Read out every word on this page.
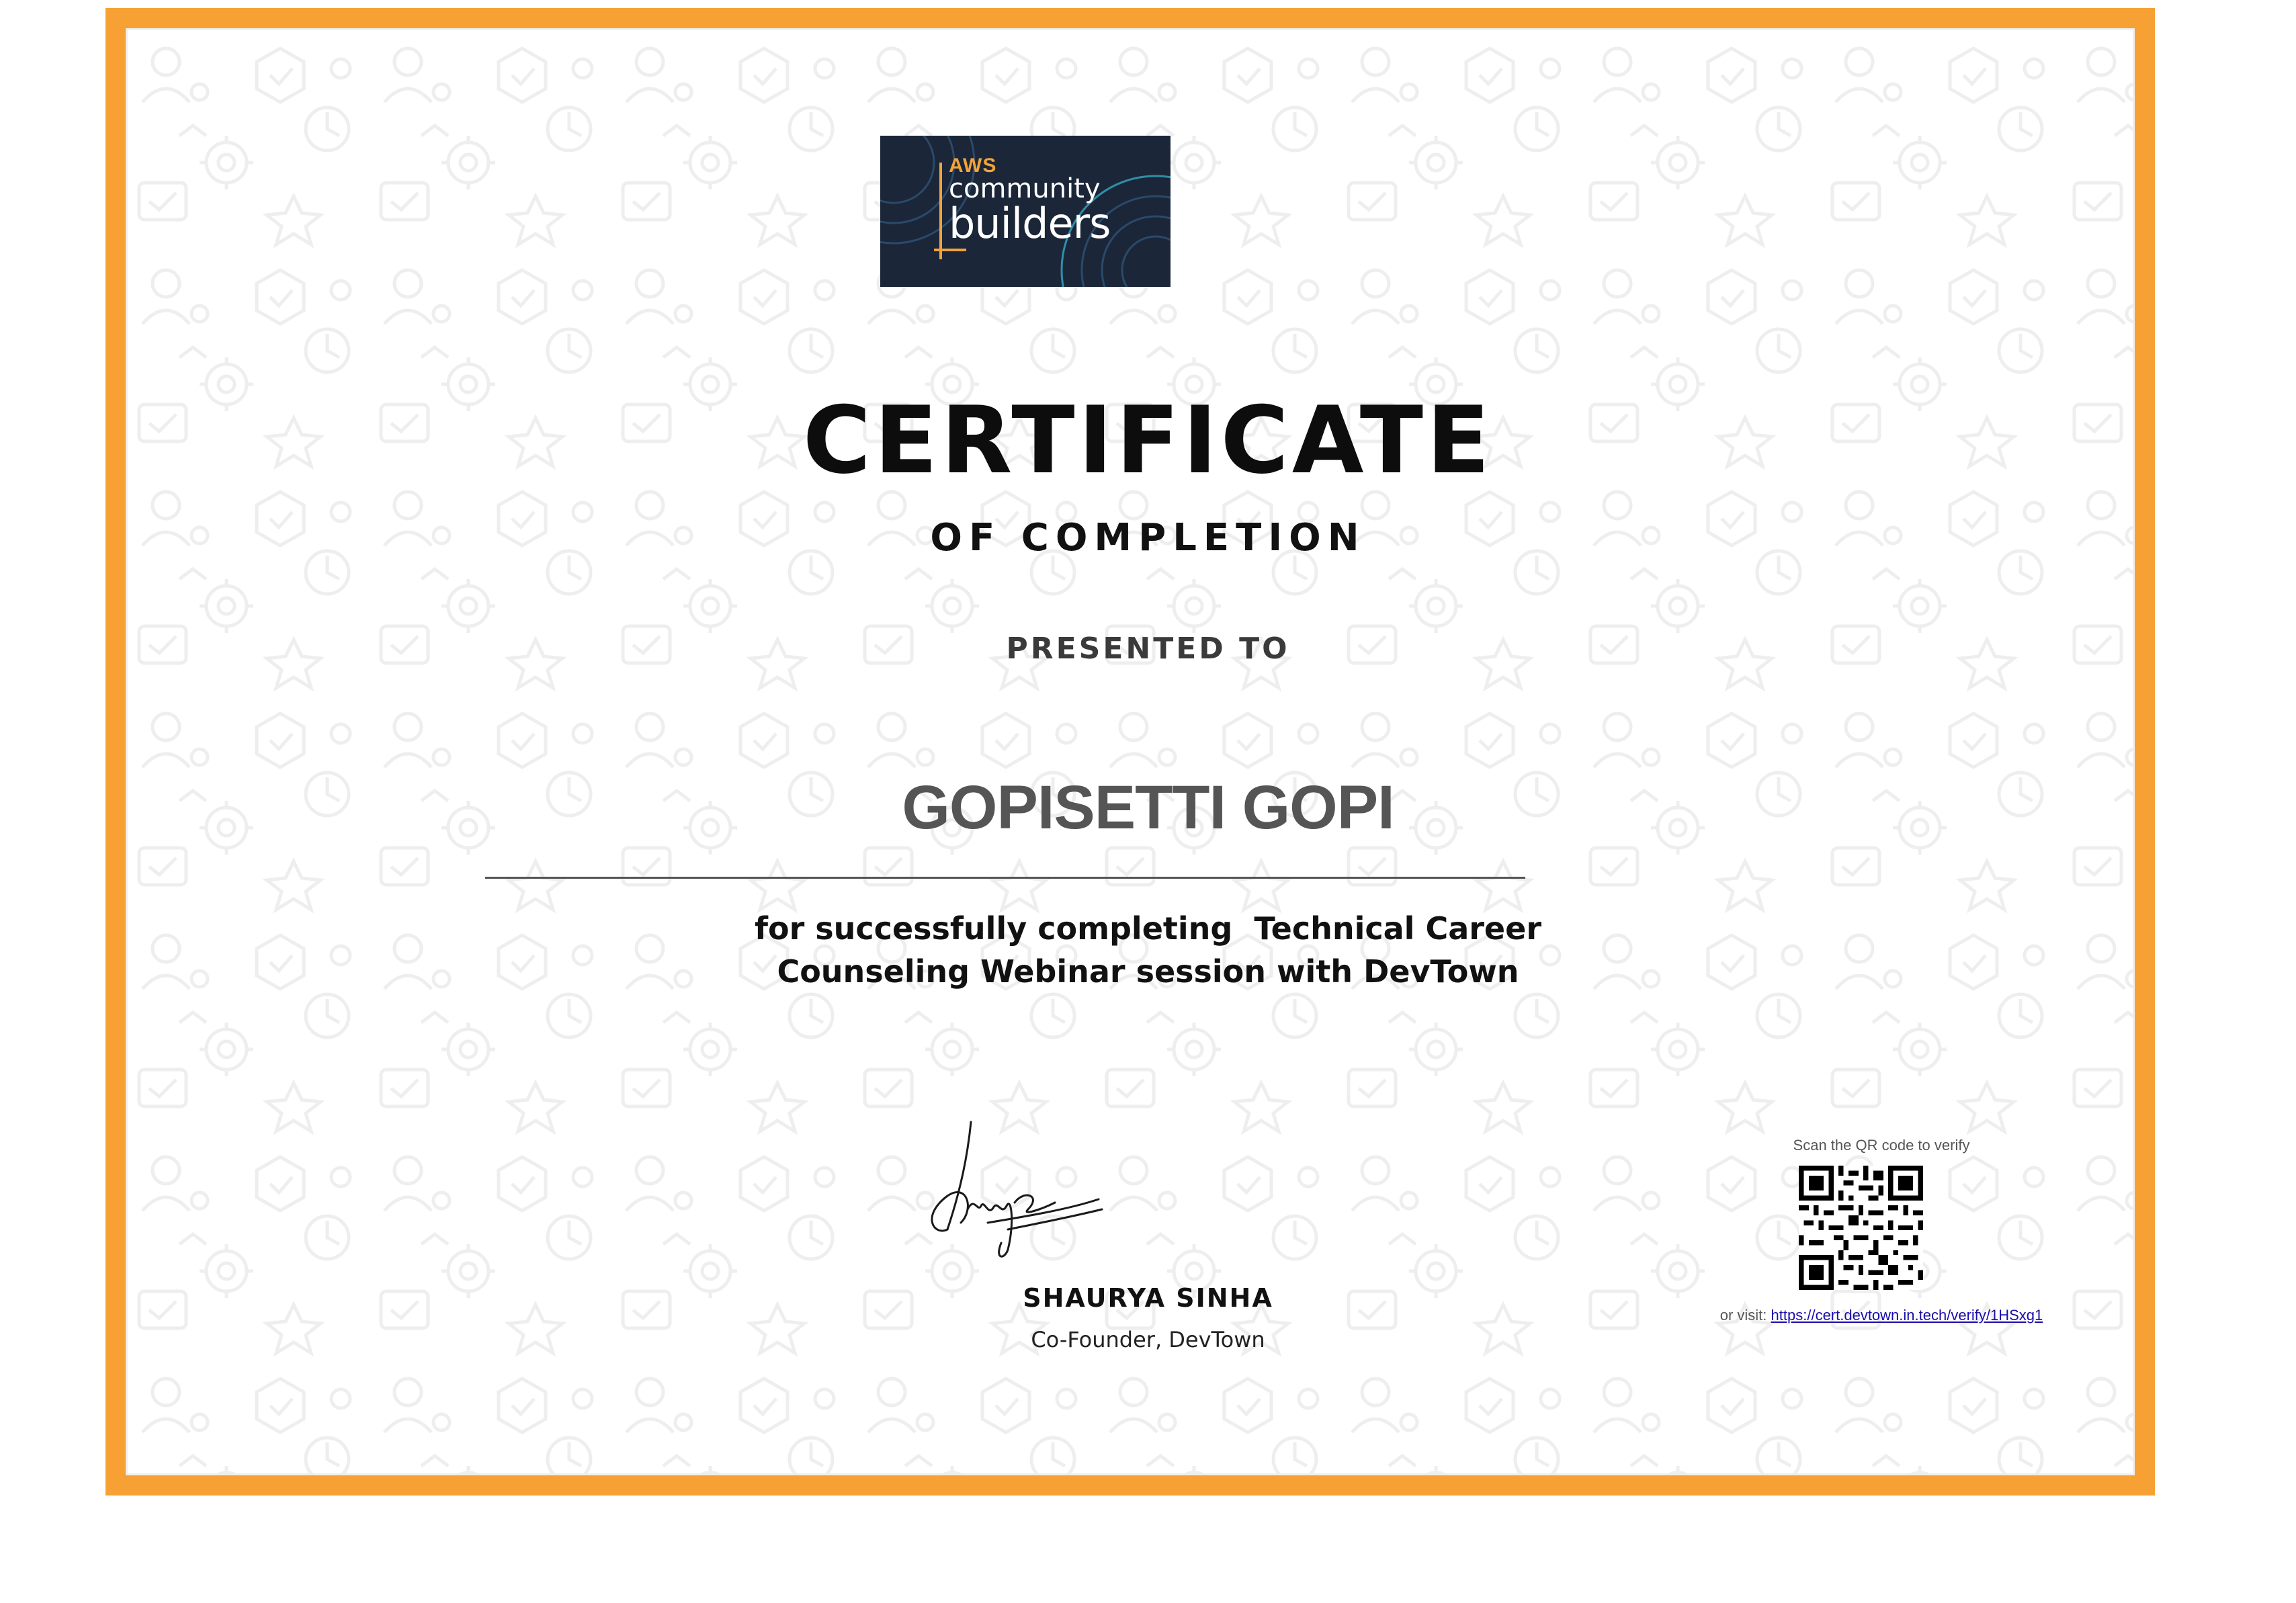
AWS
community
builders
CERTIFICATE
OF COMPLETION
PRESENTED TO
GOPISETTI GOPI
for successfully completing  Technical Career
Counseling Webinar session with DevTown
SHAURYA SINHA
Co-Founder, DevTown
Scan the QR code to verify
or visit: https://cert.devtown.in.tech/verify/1HSxg1
